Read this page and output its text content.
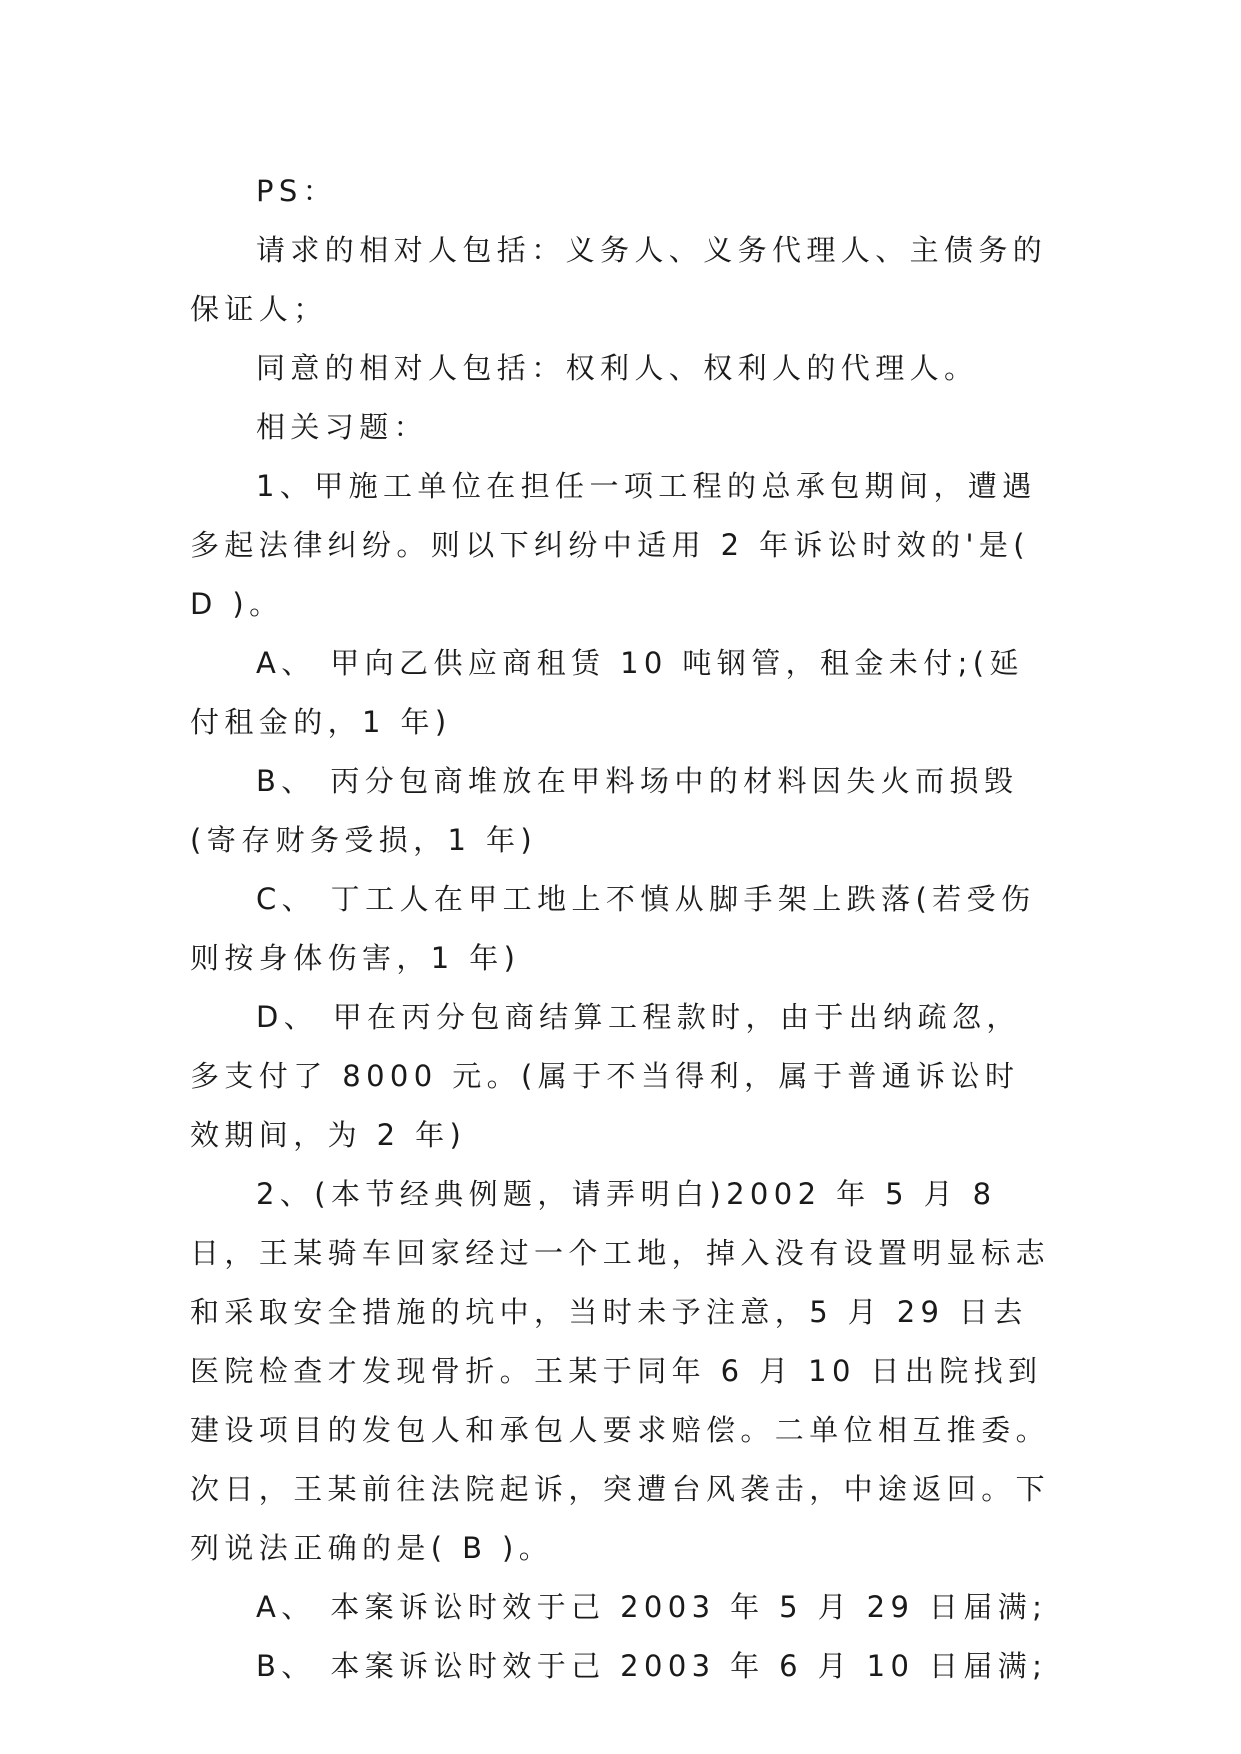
PS：

请求的相对人包括：义务人、义务代理人、主债务的保证人；

同意的相对人包括：权利人、权利人的代理人。

相关习题：

1、甲施工单位在担任一项工程的总承包期间，遭遇多起法律纠纷。则以下纠纷中适用 2 年诉讼时效的'是( D )。

A、 甲向乙供应商租赁 10 吨钢管，租金未付;(延付租金的，1 年)

B、 丙分包商堆放在甲料场中的材料因失火而损毁(寄存财务受损，1 年)

C、 丁工人在甲工地上不慎从脚手架上跌落(若受伤则按身体伤害，1 年)

D、 甲在丙分包商结算工程款时，由于出纳疏忽，多支付了 8000 元。(属于不当得利，属于普通诉讼时效期间，为 2 年)

2、(本节经典例题，请弄明白)2002 年 5 月 8 日，王某骑车回家经过一个工地，掉入没有设置明显标志和采取安全措施的坑中，当时未予注意，5 月 29 日去医院检查才发现骨折。王某于同年 6 月 10 日出院找到建设项目的发包人和承包人要求赔偿。二单位相互推委。次日，王某前往法院起诉，突遭台风袭击，中途返回。下列说法正确的是( B )。

A、 本案诉讼时效于己 2003 年 5 月 29 日届满;

B、 本案诉讼时效于己 2003 年 6 月 10 日届满;
